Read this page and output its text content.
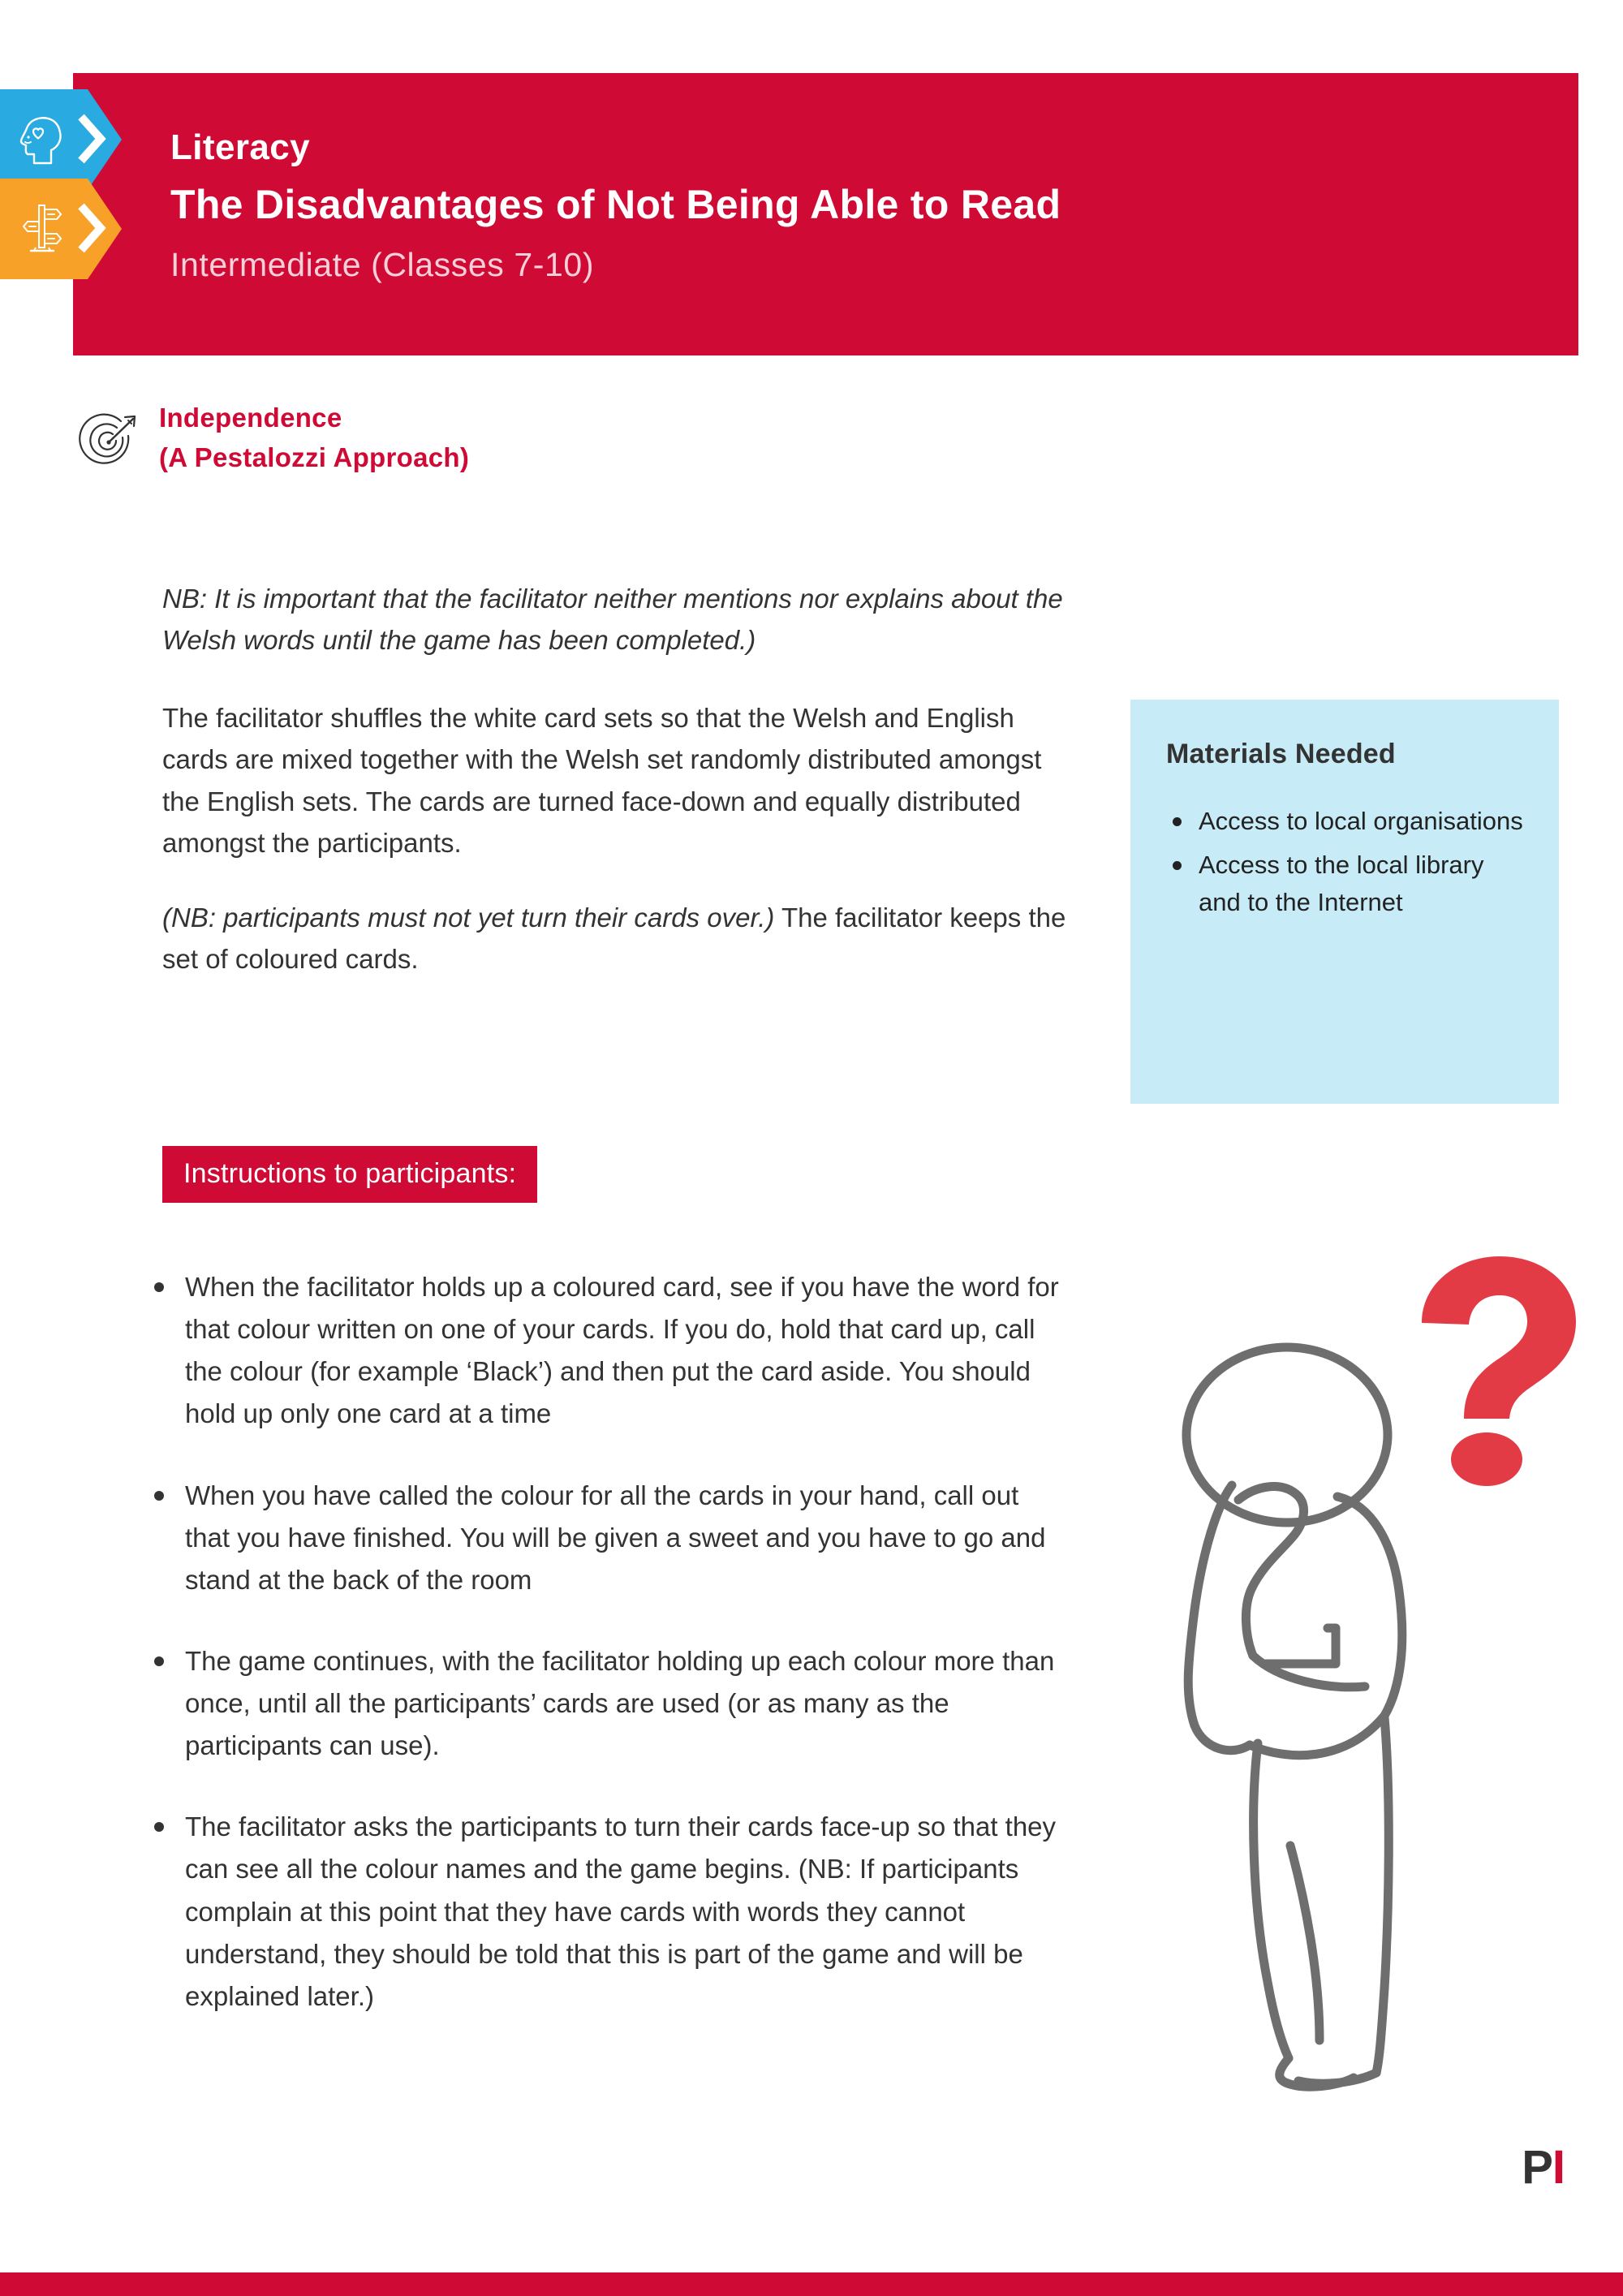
Literacy
The Disadvantages of Not Being Able to Read
Intermediate (Classes 7-10)
Independence
(A Pestalozzi Approach)

NB: It is important that the facilitator neither mentions nor explains about the Welsh words until the game has been completed.)

The facilitator shuffles the white card sets so that the Welsh and English cards are mixed together with the Welsh set randomly distributed amongst the English sets. The cards are turned face-down and equally distributed amongst the participants.

(NB: participants must not yet turn their cards over.) The facilitator keeps the set of coloured cards.

Materials Needed
Access to local organisations
Access to the local library and to the Internet
Instructions to participants:
When the facilitator holds up a coloured card, see if you have the word for that colour written on one of your cards. If you do, hold that card up, call the colour (for example ‘Black’) and then put the card aside. You should hold up only one card at a time
When you have called the colour for all the cards in your hand, call out that you have finished. You will be given a sweet and you have to go and stand at the back of the room
The game continues, with the facilitator holding up each colour more than once, until all the participants’ cards are used (or as many as the participants can use).
The facilitator asks the participants to turn their cards face-up so that they can see all the colour names and the game begins. (NB: If participants complain at this point that they have cards with words they cannot understand, they should be told that this is part of the game and will be explained later.)
P I
